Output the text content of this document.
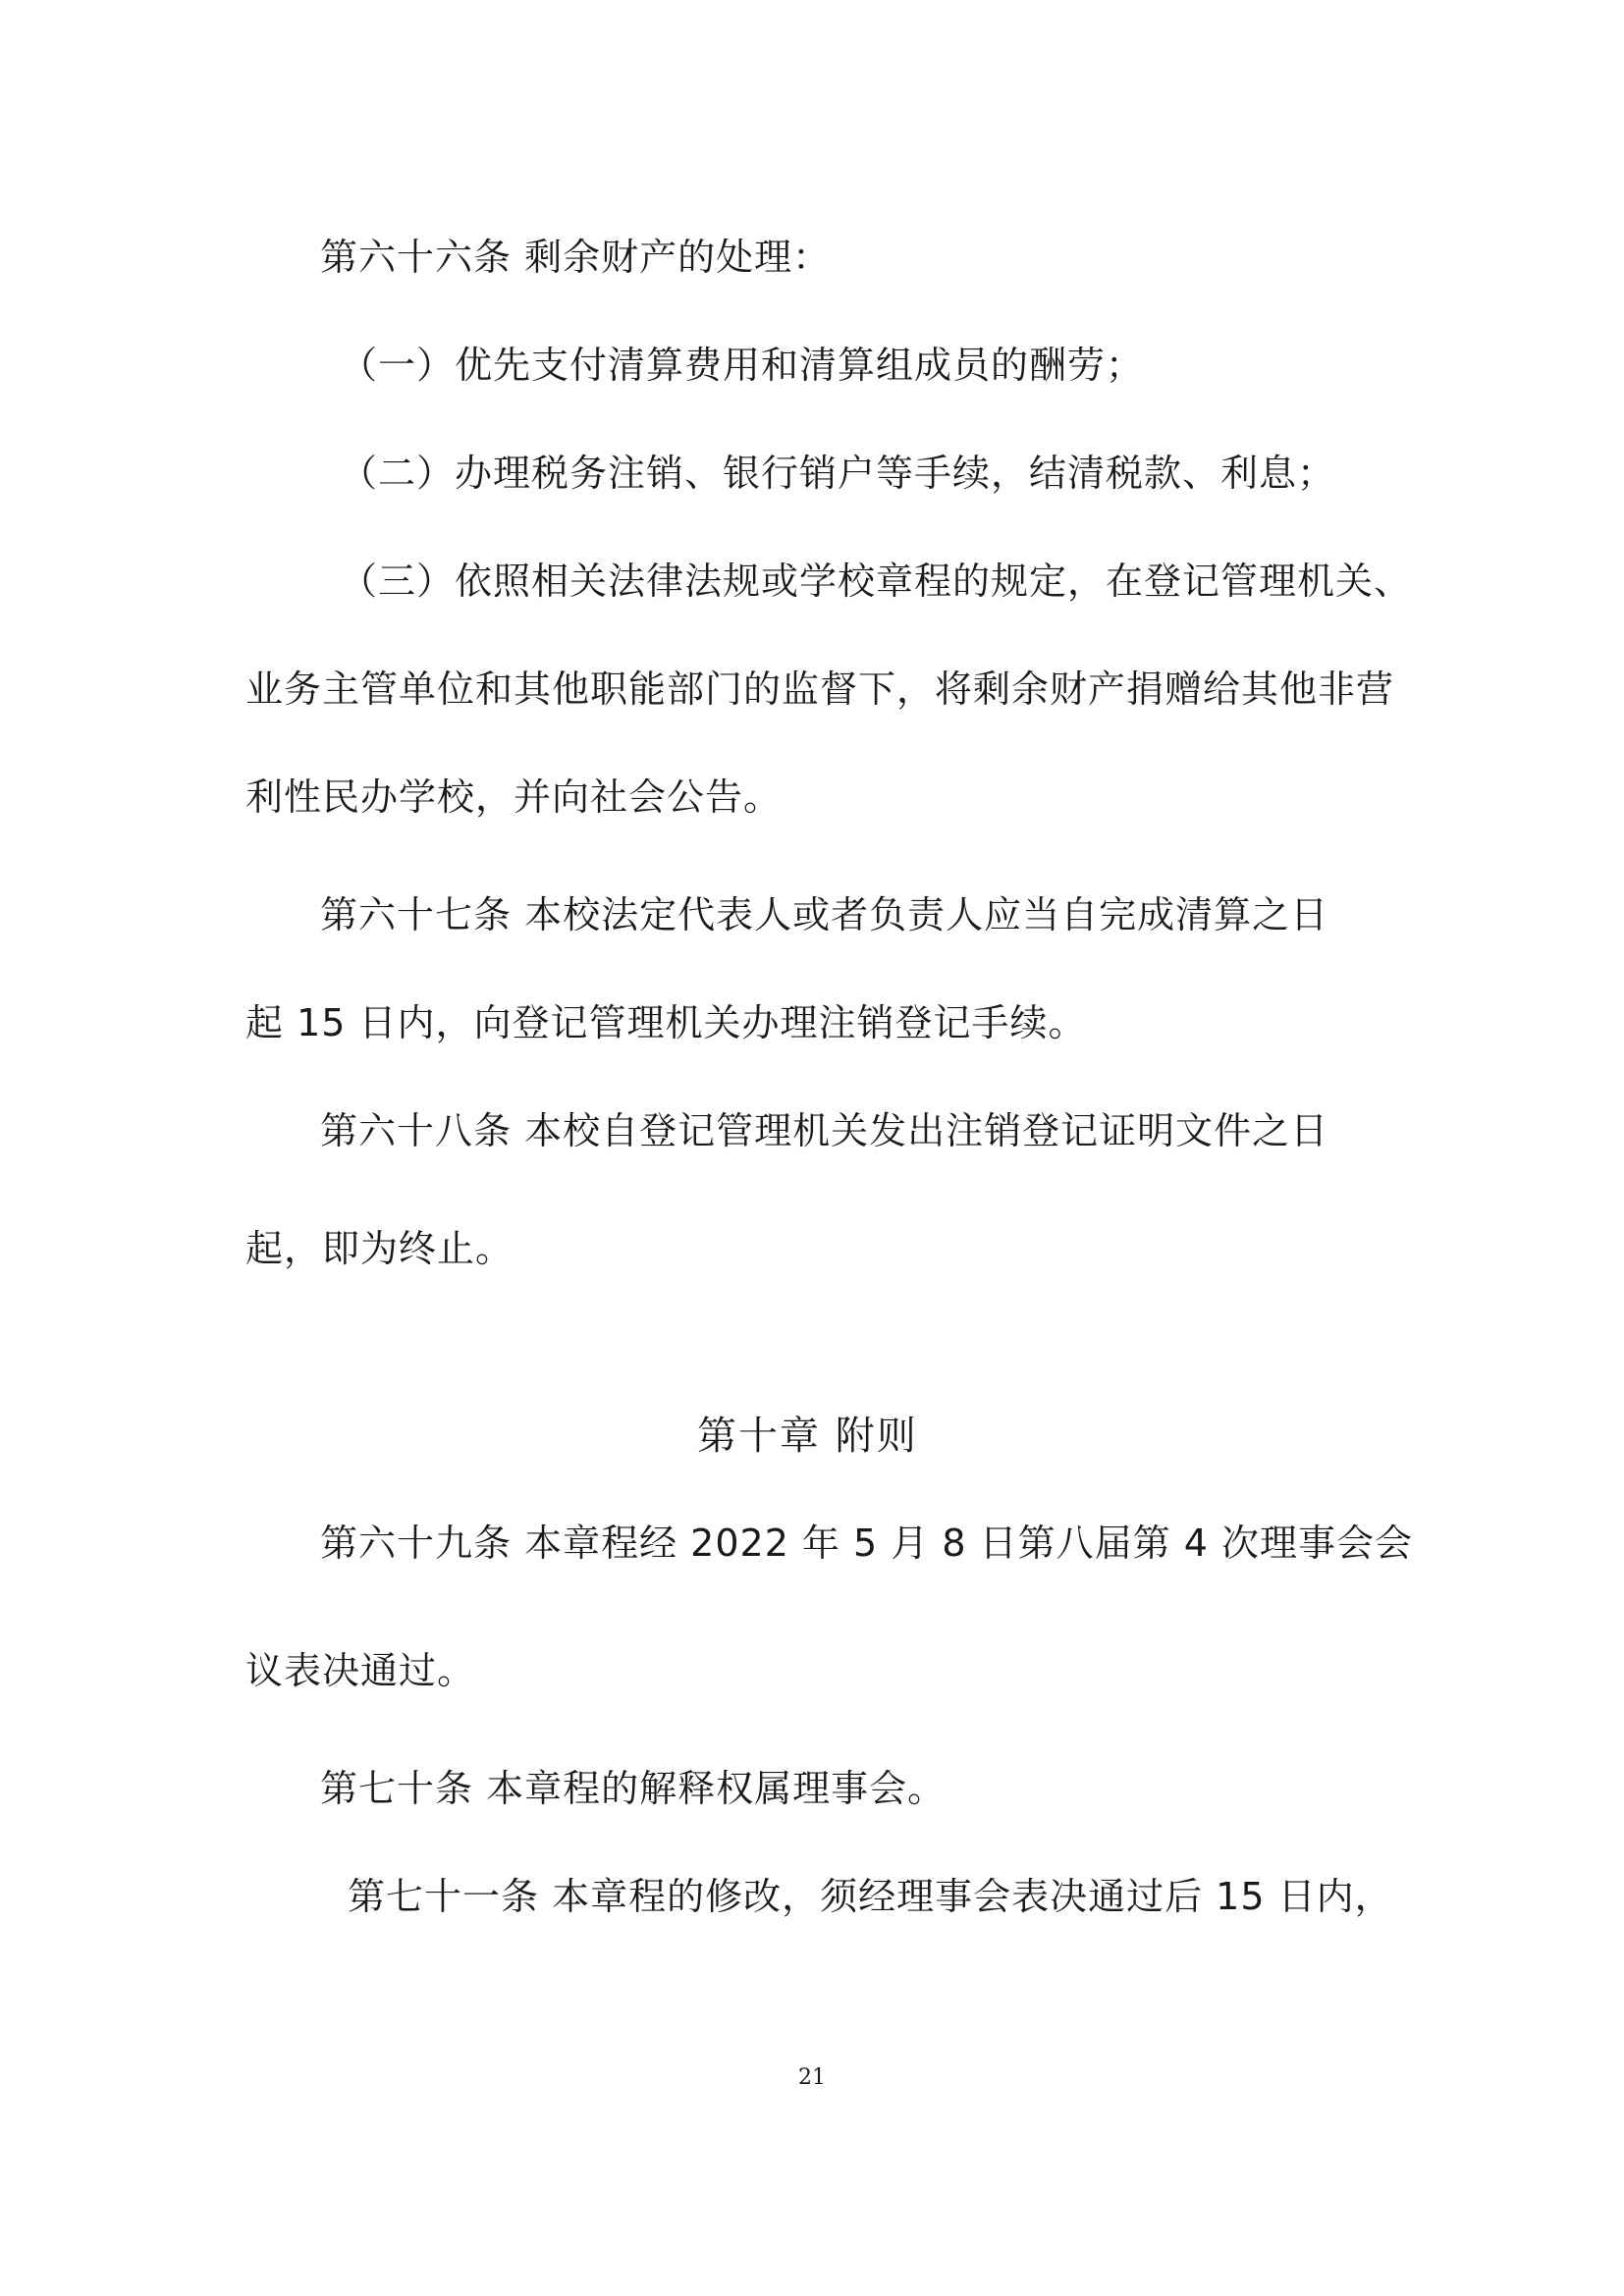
第六十六条 剩余财产的处理：
（一）优先支付清算费用和清算组成员的酬劳；
（二）办理税务注销、银行销户等手续，结清税款、利息；
（三）依照相关法律法规或学校章程的规定，在登记管理机关、
业务主管单位和其他职能部门的监督下，将剩余财产捐赠给其他非营
利性民办学校，并向社会公告。
第六十七条 本校法定代表人或者负责人应当自完成清算之日
起 15 日内，向登记管理机关办理注销登记手续。
第六十八条 本校自登记管理机关发出注销登记证明文件之日
起，即为终止。
第十章 附则
第六十九条 本章程经 2022 年 5 月 8 日第八届第 4 次理事会会
议表决通过。
第七十条 本章程的解释权属理事会。
第七十一条 本章程的修改，须经理事会表决通过后 15 日内，
21
